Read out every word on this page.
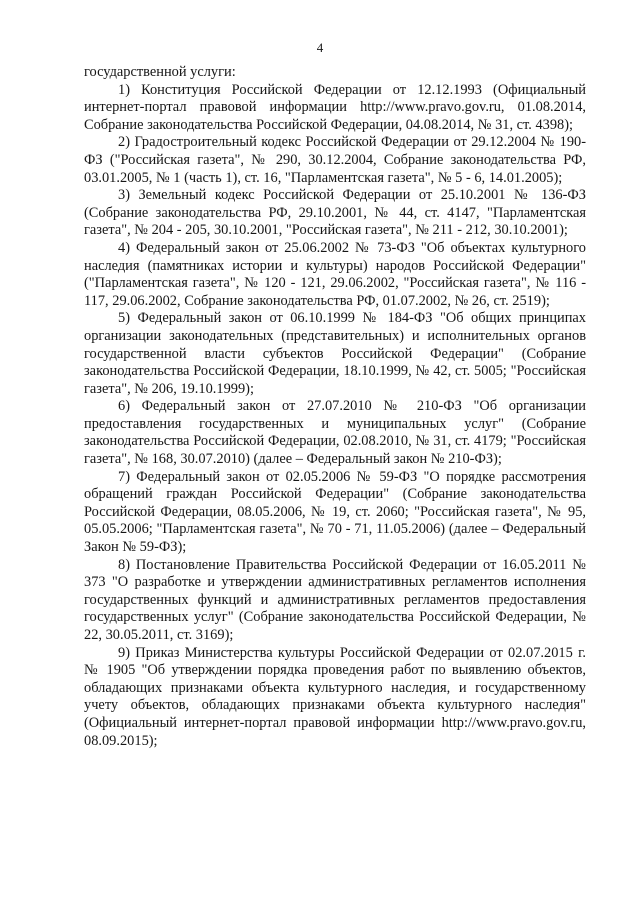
4

государственной услуги:

1) Конституция Российской Федерации от 12.12.1993 (Официальный интернет-портал правовой информации http://www.pravo.gov.ru, 01.08.2014, Собрание законодательства Российской Федерации, 04.08.2014, № 31, ст. 4398);
2) Градостроительный кодекс Российской Федерации от 29.12.2004 № 190-ФЗ ("Российская газета", № 290, 30.12.2004, Собрание законодательства РФ, 03.01.2005, № 1 (часть 1), ст. 16, "Парламентская газета", № 5 - 6, 14.01.2005);
3) Земельный кодекс Российской Федерации от 25.10.2001 № 136-ФЗ (Собрание законодательства РФ, 29.10.2001, № 44, ст. 4147, "Парламентская газета", № 204 - 205, 30.10.2001, "Российская газета", № 211 - 212, 30.10.2001);
4) Федеральный закон от 25.06.2002 № 73-ФЗ "Об объектах культурного наследия (памятниках истории и культуры) народов Российской Федерации" ("Парламентская газета", № 120 - 121, 29.06.2002, "Российская газета", № 116 - 117, 29.06.2002, Собрание законодательства РФ, 01.07.2002, № 26, ст. 2519);
5) Федеральный закон от 06.10.1999 № 184-ФЗ "Об общих принципах организации законодательных (представительных) и исполнительных органов государственной власти субъектов Российской Федерации" (Собрание законодательства Российской Федерации, 18.10.1999, № 42, ст. 5005; "Российская газета", № 206, 19.10.1999);
6) Федеральный закон от 27.07.2010 № 210-ФЗ "Об организации предоставления государственных и муниципальных услуг" (Собрание законодательства Российской Федерации, 02.08.2010, № 31, ст. 4179; "Российская газета", № 168, 30.07.2010) (далее – Федеральный закон № 210-ФЗ);
7) Федеральный закон от 02.05.2006 № 59-ФЗ "О порядке рассмотрения обращений граждан Российской Федерации" (Собрание законодательства Российской Федерации, 08.05.2006, № 19, ст. 2060; "Российская газета", № 95, 05.05.2006; "Парламентская газета", № 70 - 71, 11.05.2006) (далее – Федеральный Закон № 59-ФЗ);
8) Постановление Правительства Российской Федерации от 16.05.2011 № 373 "О разработке и утверждении административных регламентов исполнения государственных функций и административных регламентов предоставления государственных услуг" (Собрание законодательства Российской Федерации, № 22, 30.05.2011, ст. 3169);
9) Приказ Министерства культуры Российской Федерации от 02.07.2015 г. № 1905 "Об утверждении порядка проведения работ по выявлению объектов, обладающих признаками объекта культурного наследия, и государственному учету объектов, обладающих признаками объекта культурного наследия" (Официальный интернет-портал правовой информации http://www.pravo.gov.ru, 08.09.2015);
